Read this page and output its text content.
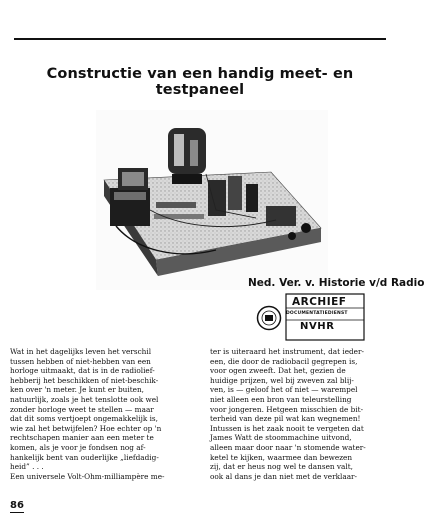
Constructie van een handig meet- en testpaneel
Ned. Ver. v. Historie v/d Radio
ARCHIEF
DOCUMENTATIEDIENST
NVHR
Wat in het dagelijks leven het verschil
tussen hebben of niet-hebben van een
horloge uitmaakt, dat is in de radiolief-
hebberij het beschikken of niet-beschik-
ken over 'n meter. Je kunt er buiten,
natuurlijk, zoals je het tenslotte ook wel
zonder horloge weet te stellen — maar
dat dit soms vertjoept ongemakkelijk is,
wie zal het betwijfelen? Hoe echter op 'n
rechtschapen manier aan een meter te
komen, als je voor je fondsen nog af-
hankelijk bent van ouderlijke „liefdadig-
heid” . . .
Een universele Volt-Ohm-milliampère me-
ter is uiteraard het instrument, dat ieder-
een, die door de radiobacil gegrepen is,
voor ogen zweeft. Dat het, gezien de
huidige prijzen, wel bij zweven zal blij-
ven, is — geloof het of niet — warempel
niet alleen een bron van teleurstelling
voor jongeren. Hetgeen misschien de bit-
terheid van deze pil wat kan wegnemen!
Intussen is het zaak nooit te vergeten dat
James Watt de stoommachine uitvond,
alleen maar door naar 'n stomende water-
ketel te kijken, waarmee dan bewezen
zij, dat er heus nog wel te dansen valt,
ook al dans je dan niet met de verklaar-
86
